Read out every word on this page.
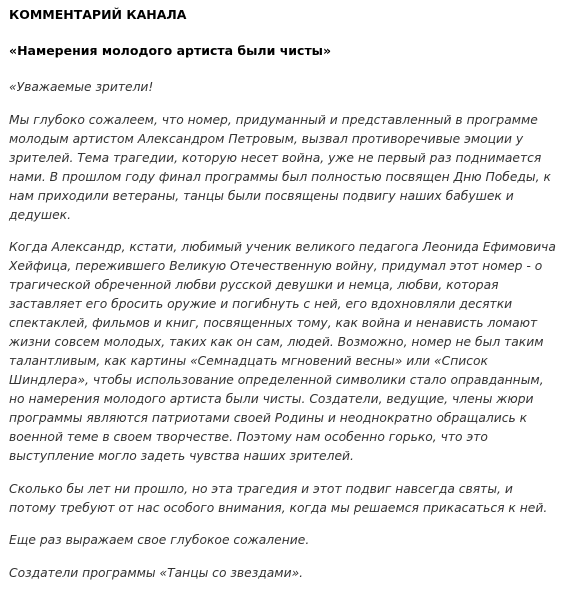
КОММЕНТАРИЙ КАНАЛА
«Намерения молодого артиста были чисты»

«Уважаемые зрители!

Мы глубоко сожалеем, что номер, придуманный и представленный в программе молодым артистом Александром Петровым, вызвал противоречивые эмоции у зрителей. Тема трагедии, которую несет война, уже не первый раз поднимается нами. В прошлом году финал программы был полностью посвящен Дню Победы, к нам приходили ветераны, танцы были посвящены подвигу наших бабушек и дедушек.

Когда Александр, кстати, любимый ученик великого педагога Леонида Ефимовича Хейфица, пережившего Великую Отечественную войну, придумал этот номер - о трагической обреченной любви русской девушки и немца, любви, которая заставляет его бросить оружие и погибнуть с ней, его вдохновляли десятки спектаклей, фильмов и книг, посвященных тому, как война и ненависть ломают жизни совсем молодых, таких как он сам, людей. Возможно, номер не был таким талантливым, как картины «Семнадцать мгновений весны» или «Список Шиндлера», чтобы использование определенной символики стало оправданным, но намерения молодого артиста были чисты. Создатели, ведущие, члены жюри программы являются патриотами своей Родины и неоднократно обращались к военной теме в своем творчестве. Поэтому нам особенно горько, что это выступление могло задеть чувства наших зрителей.

Сколько бы лет ни прошло, но эта трагедия и этот подвиг навсегда святы, и потому требуют от нас особого внимания, когда мы решаемся прикасаться к ней.

Еще раз выражаем свое глубокое сожаление.

Создатели программы «Танцы со звездами».
